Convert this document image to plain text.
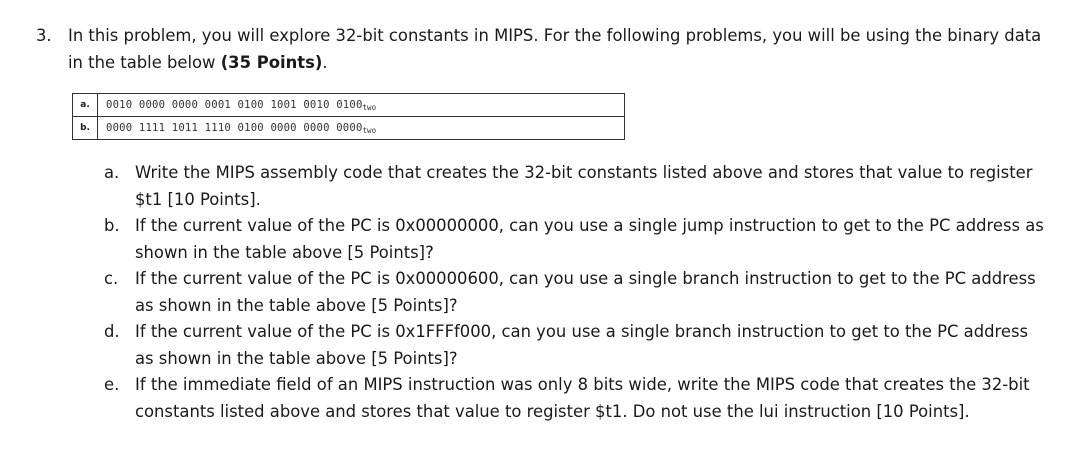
3. In this problem, you will explore 32-bit constants in MIPS. For the following problems, you will be using the binary data in the table below (35 Points).
a.	0010 0000 0000 0001 0100 1001 0010 $0100_{two}$
b.	0000 1111 1011 1110 0100 0000 0000 $0000_{two}$
a. Write the MIPS assembly code that creates the 32-bit constants listed above and stores that value to register $t1 [10 Points].
b. If the current value of the PC is 0x00000000, can you use a single jump instruction to get to the PC address as shown in the table above [5 Points]?
c.	If the current value of the PC is 0x00000600, can you use a single branch instruction to get to the PC address as shown in the table above [5 Points]?
d. If the current value of the PC is 0x1FFFf000, can you use a single branch instruction to get to the PC address as shown in the table above [5 Points]?
e. If the immediate field of an MIPS instruction was only 8 bits wide, write the MIPS code that creates the 32-bit constants listed above and stores that value to register $t1. Do not use the lui instruction [10 Points].
